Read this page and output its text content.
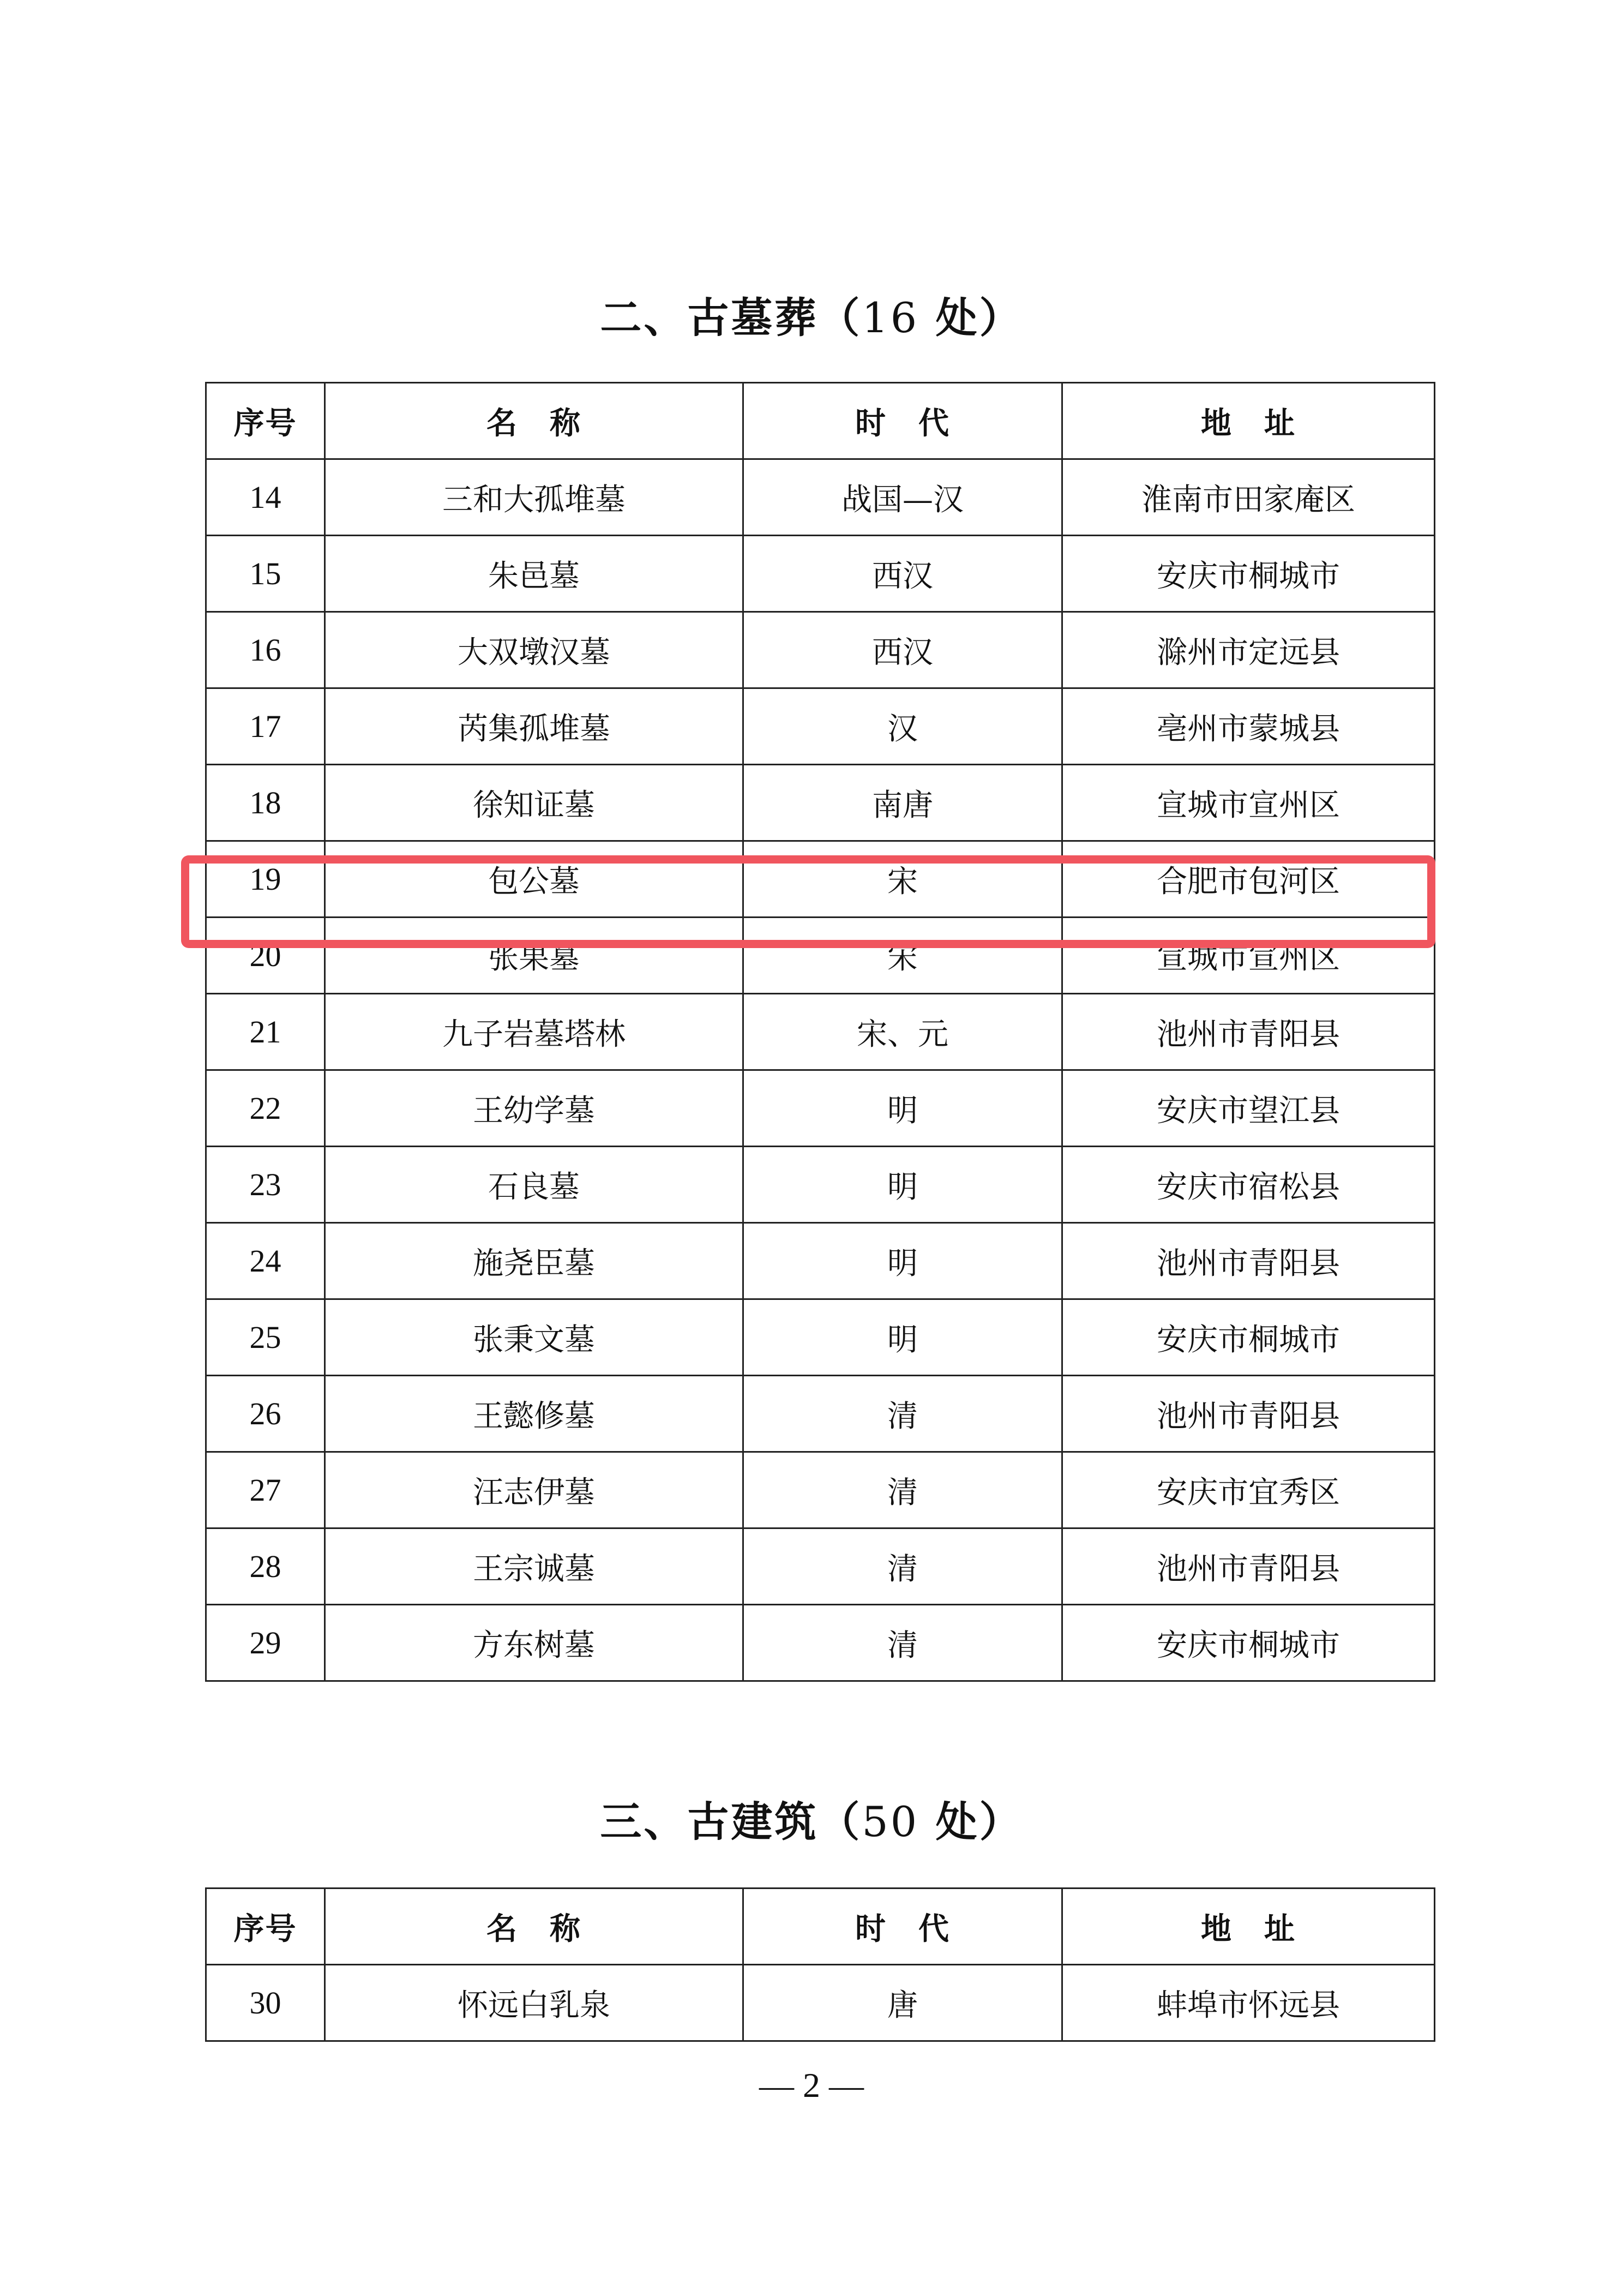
二、古墓葬（16 处）
序号	名　称	时　代	地　址
14	三和大孤堆墓	战国—汉	淮南市田家庵区
15	朱邑墓	西汉	安庆市桐城市
16	大双墩汉墓	西汉	滁州市定远县
17	芮集孤堆墓	汉	亳州市蒙城县
18	徐知证墓	南唐	宣城市宣州区
19	包公墓	宋	合肥市包河区
20	张果墓	宋	宣城市宣州区
21	九子岩墓塔林	宋、元	池州市青阳县
22	王幼学墓	明	安庆市望江县
23	石良墓	明	安庆市宿松县
24	施尧臣墓	明	池州市青阳县
25	张秉文墓	明	安庆市桐城市
26	王懿修墓	清	池州市青阳县
27	汪志伊墓	清	安庆市宜秀区
28	王宗诚墓	清	池州市青阳县
29	方东树墓	清	安庆市桐城市
三、古建筑（50 处）
序号	名　称	时　代	地　址
30	怀远白乳泉	唐	蚌埠市怀远县
— 2 —
